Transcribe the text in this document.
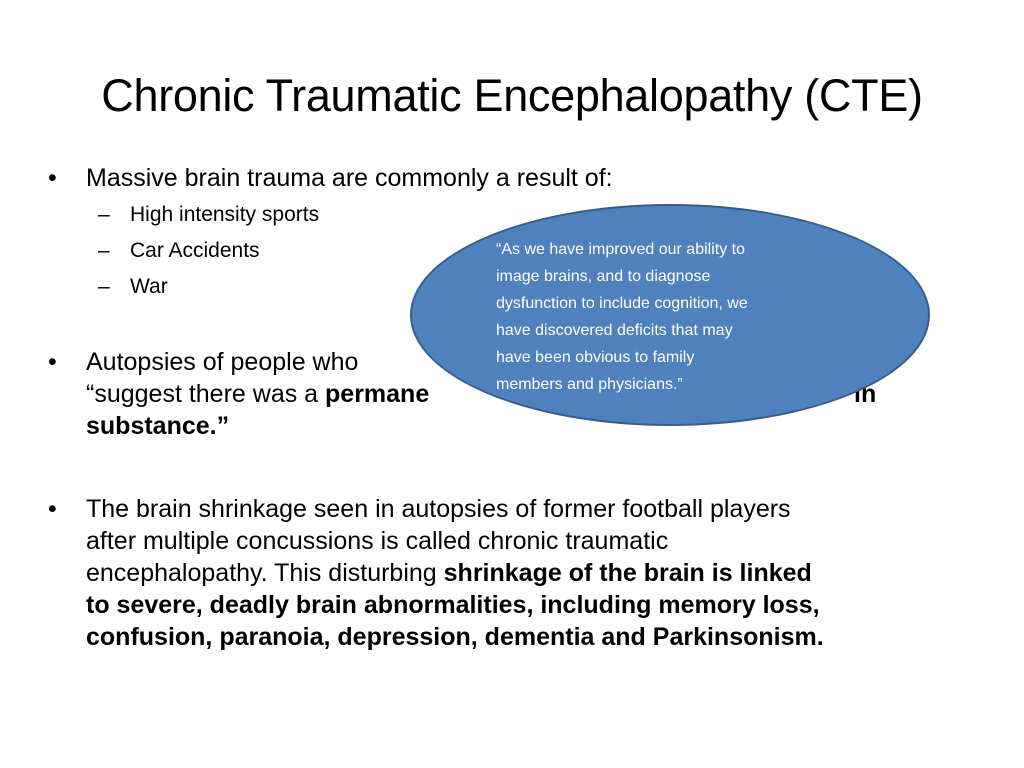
Chronic Traumatic Encephalopathy (CTE)
• Massive brain trauma are commonly a result of:
– High intensity sports
– Car Accidents
– War
• Autopsies of people who
“suggest there was a permane	in
substance.”
• The brain shrinkage seen in autopsies of former football players
after multiple concussions is called chronic traumatic
encephalopathy. This disturbing shrinkage of the brain is linked
to severe, deadly brain abnormalities, including memory loss,
confusion, paranoia, depression, dementia and Parkinsonism.
“As we have improved our ability to
image brains, and to diagnose
dysfunction to include cognition, we
have discovered deficits that may
have been obvious to family
members and physicians.”
